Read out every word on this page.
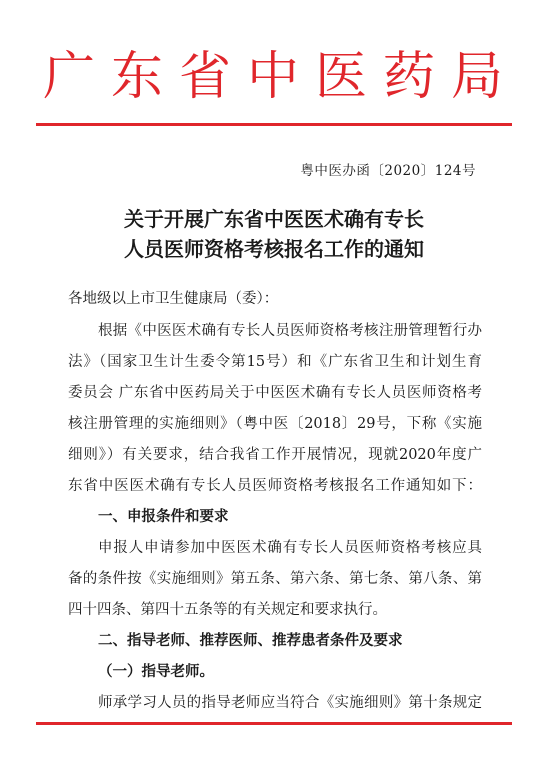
广东省中医药局
粤中医办函〔2020〕124号
关于开展广东省中医医术确有专长
人员医师资格考核报名工作的通知
各地级以上市卫生健康局（委）：
根据《中医医术确有专长人员医师资格考核注册管理暂行办
法》（国家卫生计生委令第15号）和《广东省卫生和计划生育
委员会 广东省中医药局关于中医医术确有专长人员医师资格考
核注册管理的实施细则》（粤中医〔2018〕29号，下称《实施
细则》）有关要求，结合我省工作开展情况，现就2020年度广
东省中医医术确有专长人员医师资格考核报名工作通知如下：
一、申报条件和要求
申报人申请参加中医医术确有专长人员医师资格考核应具
备的条件按《实施细则》第五条、第六条、第七条、第八条、第
四十四条、第四十五条等的有关规定和要求执行。
二、指导老师、推荐医师、推荐患者条件及要求
（一）指导老师。
师承学习人员的指导老师应当符合《实施细则》第十条规定
